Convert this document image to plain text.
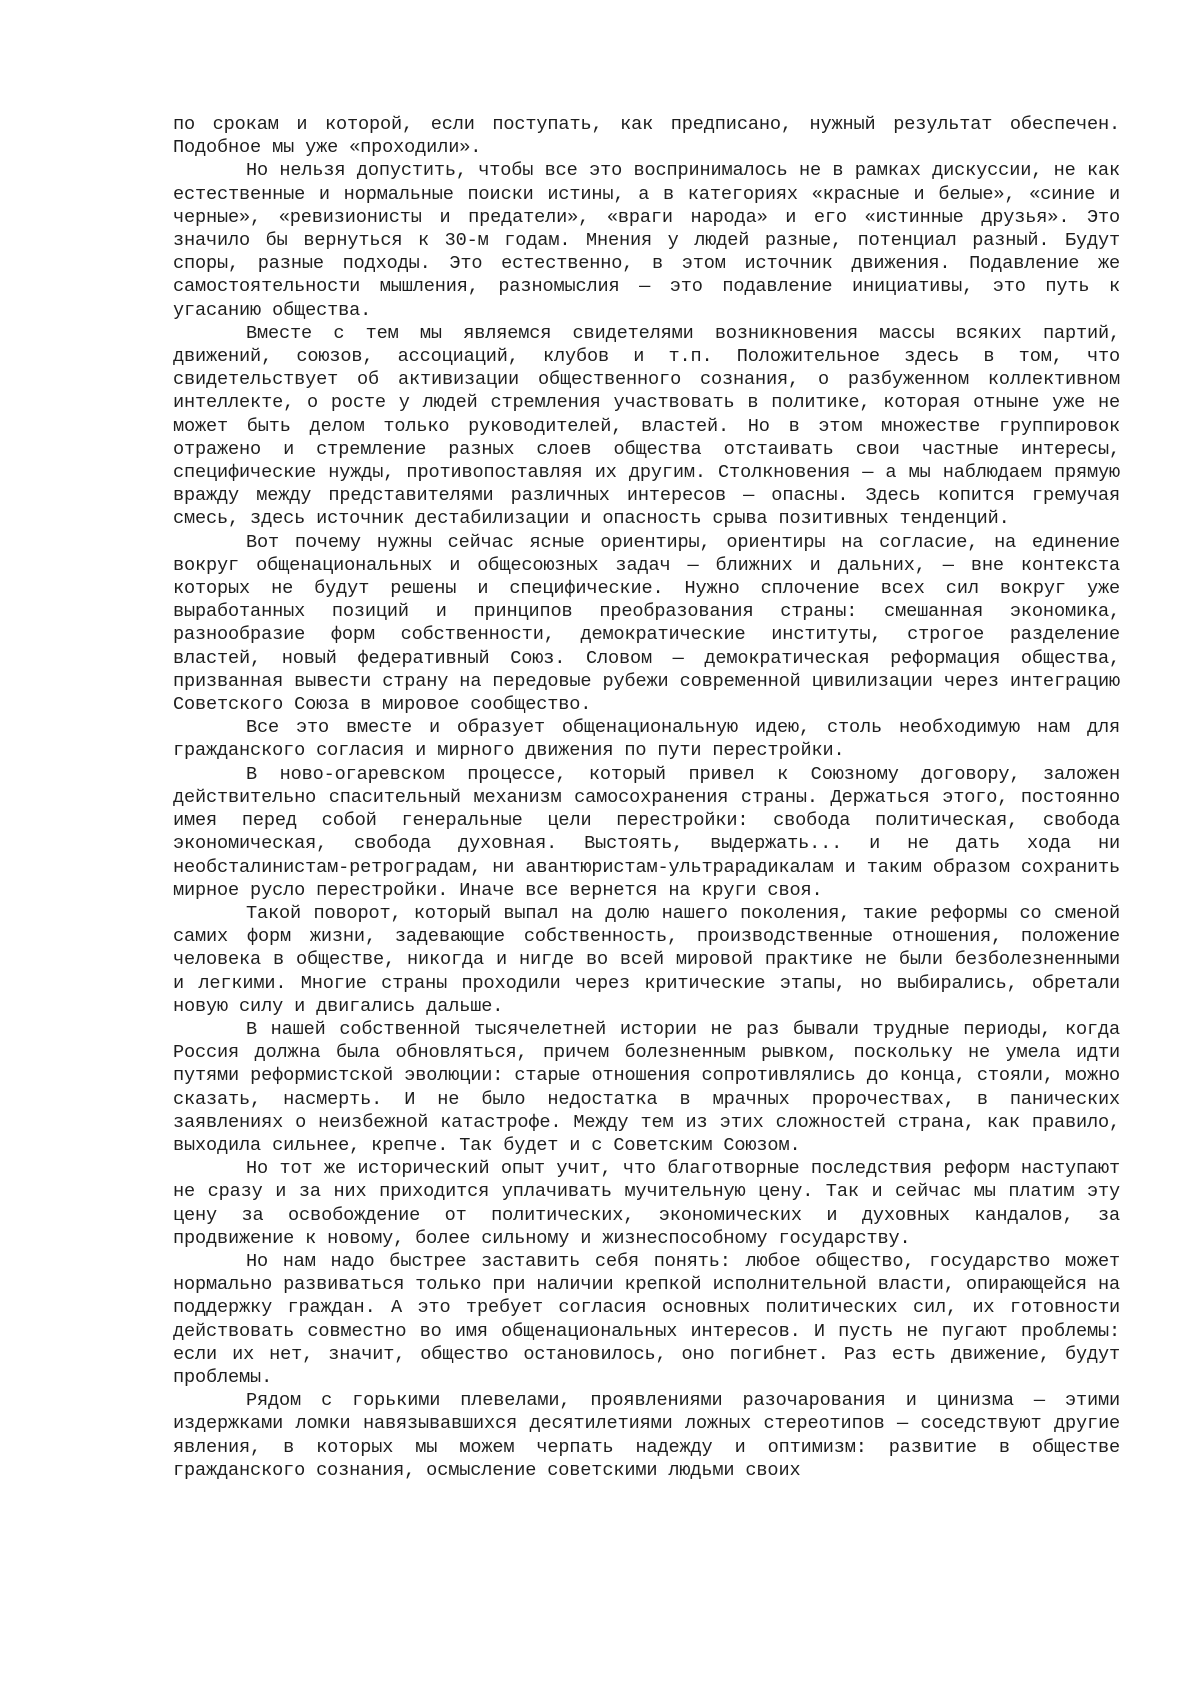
по срокам и которой, если поступать, как предписано, нужный результат обеспечен. Подобное мы уже «проходили».

Но нельзя допустить, чтобы все это воспринималось не в рамках дискуссии, не как естественные и нормальные поиски истины, а в категориях «красные и белые», «синие и черные», «ревизионисты и предатели», «враги народа» и его «истинные друзья». Это значило бы вернуться к 30-м годам. Мнения у людей разные, потенциал разный. Будут споры, разные подходы. Это естественно, в этом источник движения. Подавление же самостоятельности мышления, разномыслия — это подавление инициативы, это путь к угасанию общества.

Вместе с тем мы являемся свидетелями возникновения массы всяких партий, движений, союзов, ассоциаций, клубов и т.п. Положительное здесь в том, что свидетельствует об активизации общественного сознания, о разбуженном коллективном интеллекте, о росте у людей стремления участвовать в политике, которая отныне уже не может быть делом только руководителей, властей. Но в этом множестве группировок отражено и стремление разных слоев общества отстаивать свои частные интересы, специфические нужды, противопоставляя их другим. Столкновения — а мы наблюдаем прямую вражду между представителями различных интересов — опасны. Здесь копится гремучая смесь, здесь источник дестабилизации и опасность срыва позитивных тенденций.

Вот почему нужны сейчас ясные ориентиры, ориентиры на согласие, на единение вокруг общенациональных и общесоюзных задач — ближних и дальних, — вне контекста которых не будут решены и специфические. Нужно сплочение всех сил вокруг уже выработанных позиций и принципов преобразования страны: смешанная экономика, разнообразие форм собственности, демократические институты, строгое разделение властей, новый федеративный Союз. Словом — демократическая реформация общества, призванная вывести страну на передовые рубежи современной цивилизации через интеграцию Советского Союза в мировое сообщество.

Все это вместе и образует общенациональную идею, столь необходимую нам для гражданского согласия и мирного движения по пути перестройки.

В ново-огаревском процессе, который привел к Союзному договору, заложен действительно спасительный механизм самосохранения страны. Держаться этого, постоянно имея перед собой генеральные цели перестройки: свобода политическая, свобода экономическая, свобода духовная. Выстоять, выдержать... и не дать хода ни необсталинистам-ретроградам, ни авантюристам-ультрарадикалам и таким образом сохранить мирное русло перестройки. Иначе все вернется на круги своя.

Такой поворот, который выпал на долю нашего поколения, такие реформы со сменой самих форм жизни, задевающие собственность, производственные отношения, положение человека в обществе, никогда и нигде во всей мировой практике не были безболезненными и легкими. Многие страны проходили через критические этапы, но выбирались, обретали новую силу и двигались дальше.

В нашей собственной тысячелетней истории не раз бывали трудные периоды, когда Россия должна была обновляться, причем болезненным рывком, поскольку не умела идти путями реформистской эволюции: старые отношения сопротивлялись до конца, стояли, можно сказать, насмерть. И не было недостатка в мрачных пророчествах, в панических заявлениях о неизбежной катастрофе. Между тем из этих сложностей страна, как правило, выходила сильнее, крепче. Так будет и с Советским Союзом.

Но тот же исторический опыт учит, что благотворные последствия реформ наступают не сразу и за них приходится уплачивать мучительную цену. Так и сейчас мы платим эту цену за освобождение от политических, экономических и духовных кандалов, за продвижение к новому, более сильному и жизнеспособному государству.

Но нам надо быстрее заставить себя понять: любое общество, государство может нормально развиваться только при наличии крепкой исполнительной власти, опирающейся на поддержку граждан. А это требует согласия основных политических сил, их готовности действовать совместно во имя общенациональных интересов. И пусть не пугают проблемы: если их нет, значит, общество остановилось, оно погибнет. Раз есть движение, будут проблемы.

Рядом с горькими плевелами, проявлениями разочарования и цинизма — этими издержками ломки навязывавшихся десятилетиями ложных стереотипов — соседствуют другие явления, в которых мы можем черпать надежду и оптимизм: развитие в обществе гражданского сознания, осмысление советскими людьми своих
